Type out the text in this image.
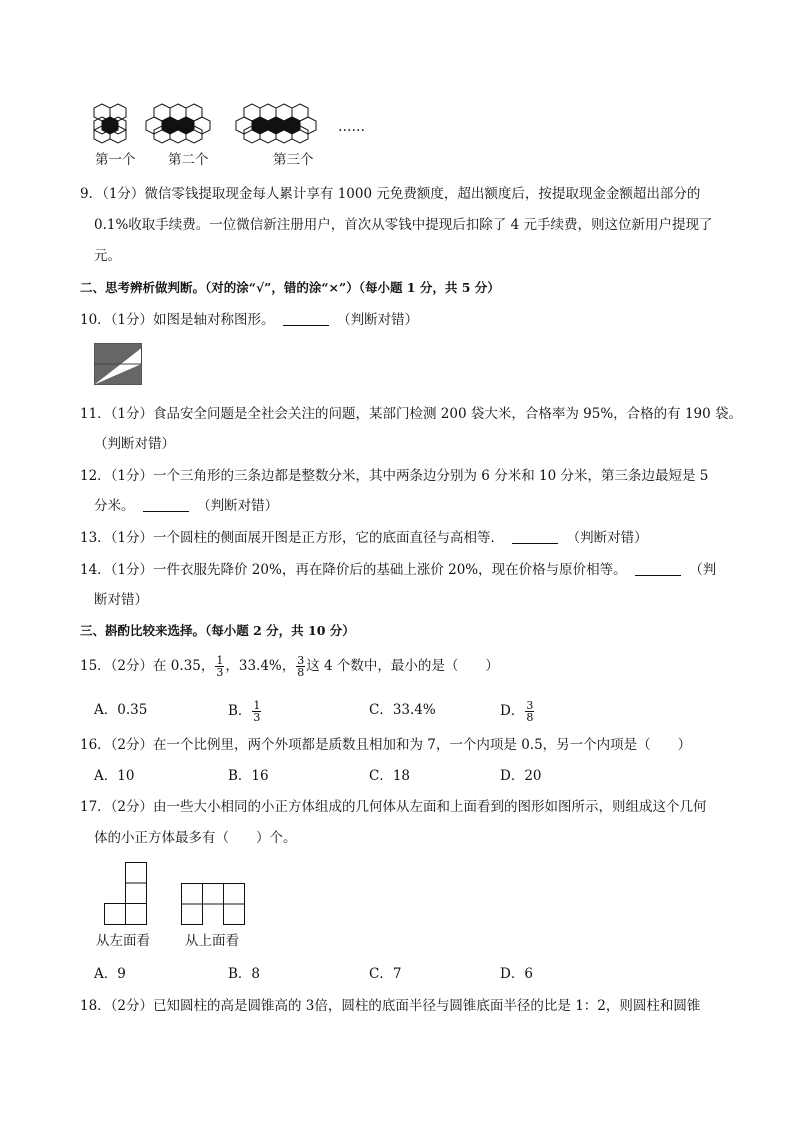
……
第一个 第二个	第三个
9．（1分）微信零钱提取现金每人累计享有 1000 元免费额度，超出额度后，按提取现金金额超出部分的
0.1%收取手续费。一位微信新注册用户，首次从零钱中提现后扣除了 4 元手续费，则这位新用户提现了
元。
二、思考辨析做判断。（对的涂“√”，错的涂“×”）（每小题 1 分，共 5 分）
10．（1分）如图是轴对称图形。	（判断对错）
11．（1分）食品安全问题是全社会关注的问题，某部门检测 200 袋大米，合格率为 95%，合格的有 190 袋。
（判断对错）
12．（1分）一个三角形的三条边都是整数分米，其中两条边分别为 6 分米和 10 分米，第三条边最短是 5
分米。	（判断对错）
13．（1分）一个圆柱的侧面展开图是正方形，它的底面直径与高相等．	（判断对错）
14．（1分）一件衣服先降价 20%，再在降价后的基础上涨价 20%，现在价格与原价相等。	（判
断对错）
三、斟酌比较来选择。（每小题 2 分，共 10 分）
15．（2分）在 0.35， $\frac{1}{3}$ ，33.4%， $\frac{3}{8}$ 这 4 个数中，最小的是（　　）
A．0.35	B． $\frac{1}{3}$	C．33.4%	D． $\frac{3}{8}$
16．（2分）在一个比例里，两个外项都是质数且相加和为 7，一个内项是 0.5，另一个内项是（　　）
A．10	B．16	C．18	D．20
17．（2分）由一些大小相同的小正方体组成的几何体从左面和上面看到的图形如图所示，则组成这个几何
体的小正方体最多有（　　）个。
从左面看	从上面看
A．9	B．8	C．7	D．6
18．（2分）已知圆柱的高是圆锥高的 3倍，圆柱的底面半径与圆锥底面半径的比是 1：2，则圆柱和圆锥
